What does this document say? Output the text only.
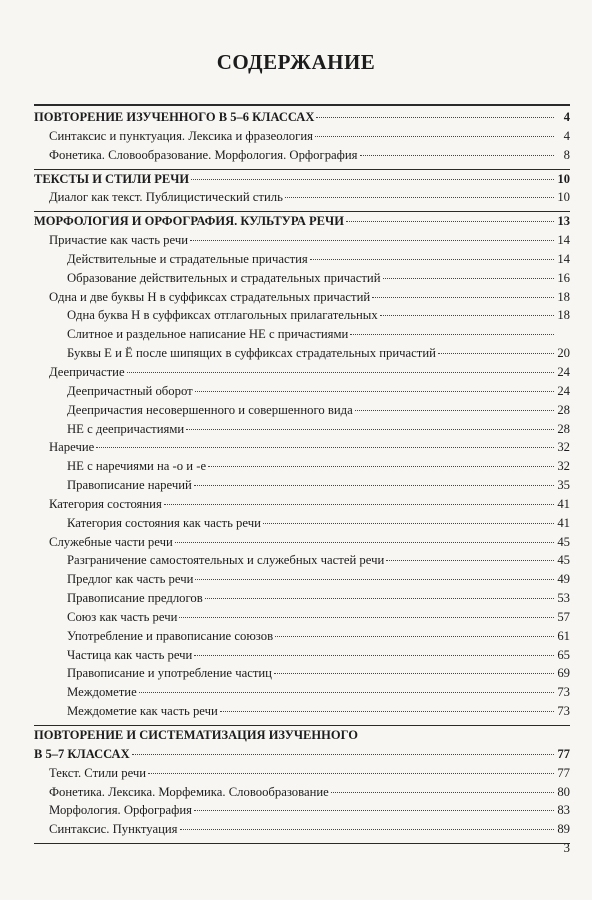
СОДЕРЖАНИЕ
ПОВТОРЕНИЕ ИЗУЧЕННОГО В 5–6 КЛАССАХ	4
Синтаксис и пунктуация. Лексика и фразеология	4
Фонетика. Словообразование. Морфология. Орфография	8
ТЕКСТЫ И СТИЛИ РЕЧИ	10
Диалог как текст. Публицистический стиль	10
МОРФОЛОГИЯ И ОРФОГРАФИЯ. КУЛЬТУРА РЕЧИ	13
Причастие как часть речи	14
Действительные и страдательные причастия	14
Образование действительных и страдательных причастий	16
Одна и две буквы Н в суффиксах страдательных причастий	18
Одна буква Н в суффиксах отглагольных прилагательных	18
Слитное и раздельное написание НЕ с причастиями
Буквы Е и Ё после шипящих в суффиксах страдательных причастий	20
Деепричастие	24
Деепричастный оборот	24
Деепричастия несовершенного и совершенного вида	28
НЕ с деепричастиями	28
Наречие	32
НЕ с наречиями на -о и -е	32
Правописание наречий	35
Категория состояния	41
Категория состояния как часть речи	41
Служебные части речи	45
Разграничение самостоятельных и служебных частей речи	45
Предлог как часть речи	49
Правописание предлогов	53
Союз как часть речи	57
Употребление и правописание союзов	61
Частица как часть речи	65
Правописание и употребление частиц	69
Междометие	73
Междометие как часть речи	73
ПОВТОРЕНИЕ И СИСТЕМАТИЗАЦИЯ ИЗУЧЕННОГО
В 5–7 КЛАССАХ	77
Текст. Стили речи	77
Фонетика. Лексика. Морфемика. Словообразование	80
Морфология. Орфография	83
Синтаксис. Пунктуация	89
3
